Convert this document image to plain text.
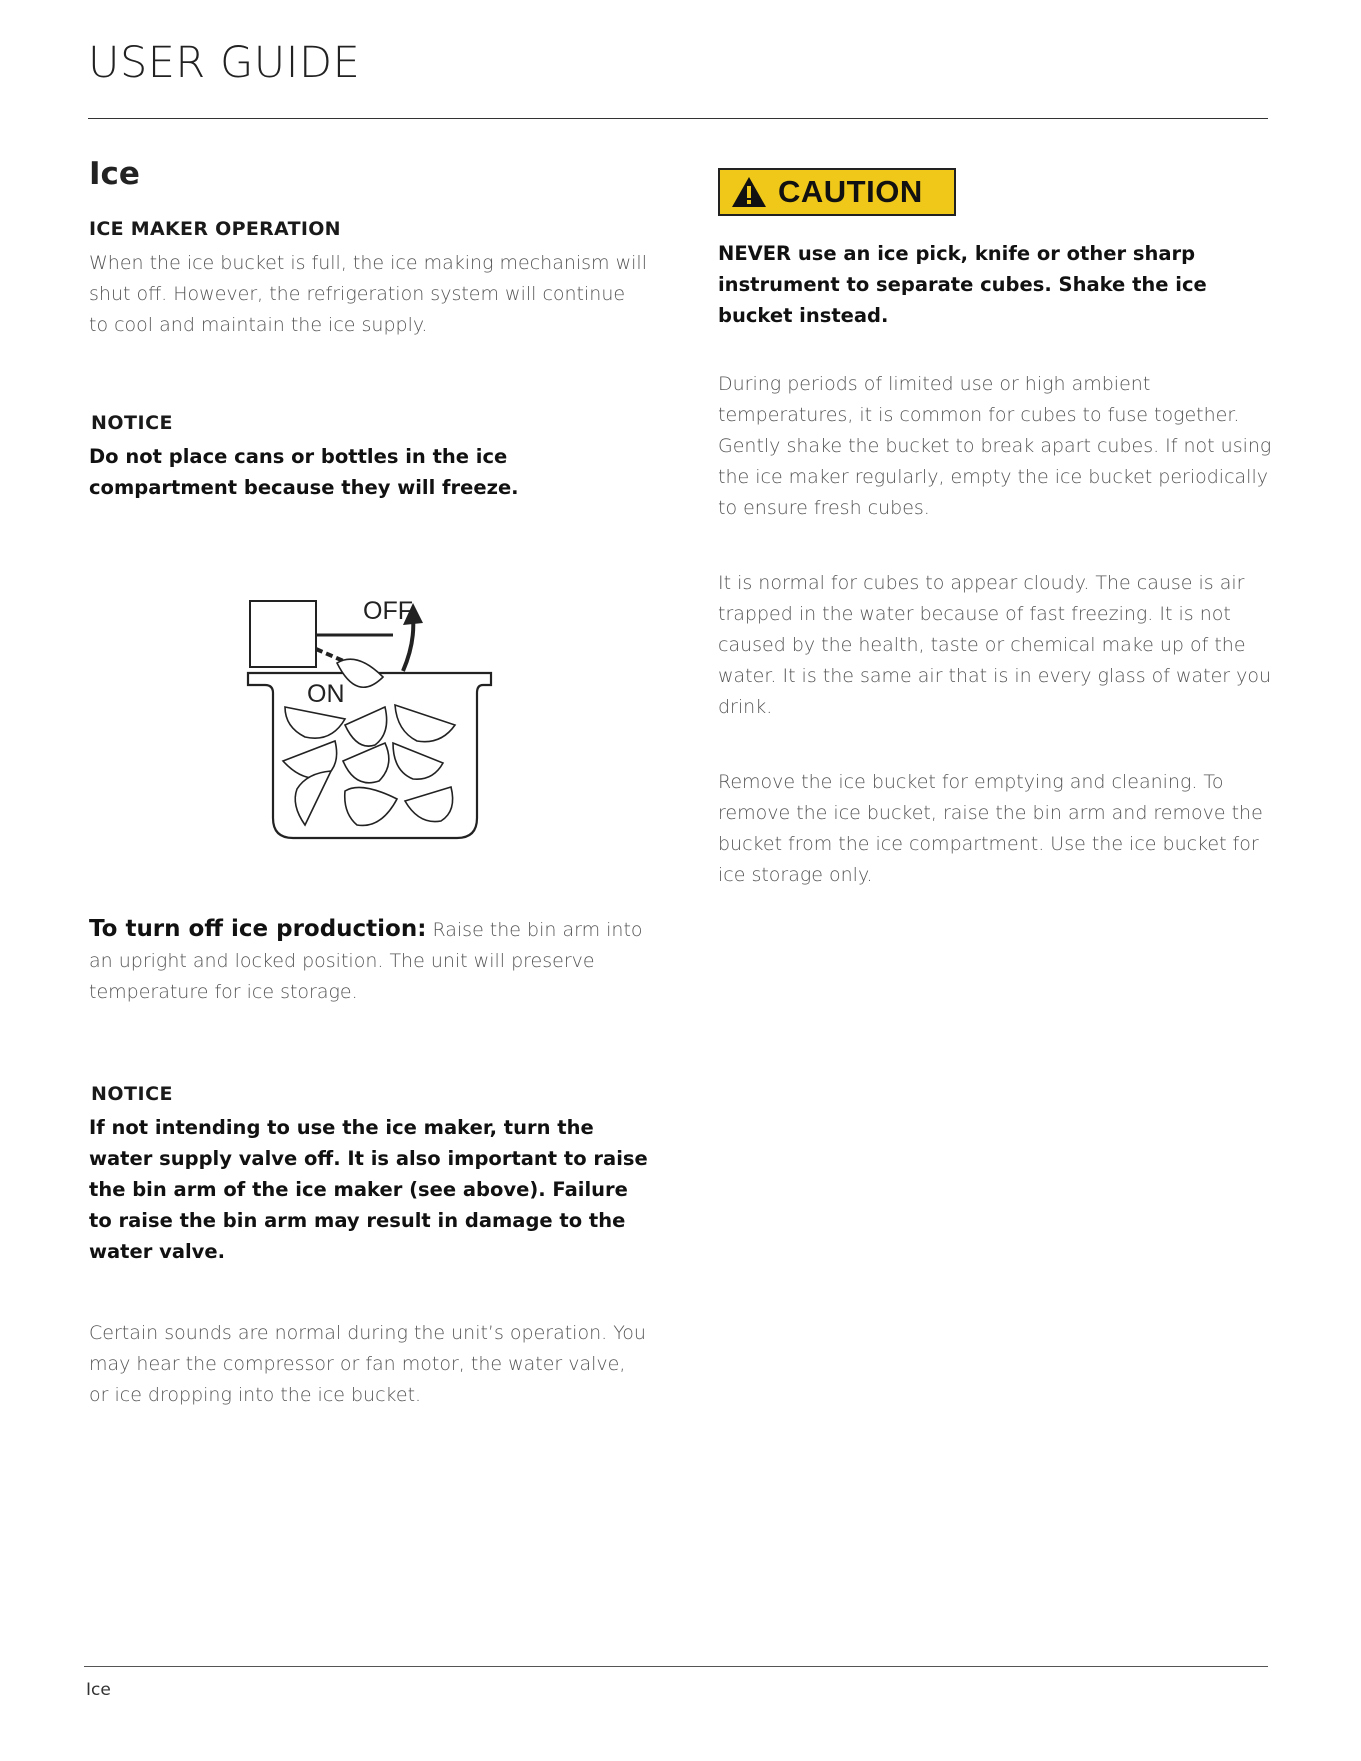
USER GUIDE
Ice
ICE MAKER OPERATION

When the ice bucket is full, the ice making mechanism will shut off. However, the refrigeration system will continue to cool and maintain the ice supply.

NOTICE

Do not place cans or bottles in the ice compartment because they will freeze.

OFF
ON

To turn off ice production: Raise the bin arm into an upright and locked position. The unit will preserve temperature for ice storage.

NOTICE

If not intending to use the ice maker, turn the water supply valve off. It is also important to raise the bin arm of the ice maker (see above). Failure to raise the bin arm may result in damage to the water valve.

Certain sounds are normal during the unit’s operation. You may hear the compressor or fan motor, the water valve, or ice dropping into the ice bucket.

CAUTION

NEVER use an ice pick, knife or other sharp instrument to separate cubes. Shake the ice bucket instead.

During periods of limited use or high ambient temperatures, it is common for cubes to fuse together. Gently shake the bucket to break apart cubes. If not using the ice maker regularly, empty the ice bucket periodically to ensure fresh cubes.

It is normal for cubes to appear cloudy. The cause is air trapped in the water because of fast freezing. It is not caused by the health, taste or chemical make up of the water. It is the same air that is in every glass of water you drink.

Remove the ice bucket for emptying and cleaning. To remove the ice bucket, raise the bin arm and remove the bucket from the ice compartment. Use the ice bucket for ice storage only.

Ice
